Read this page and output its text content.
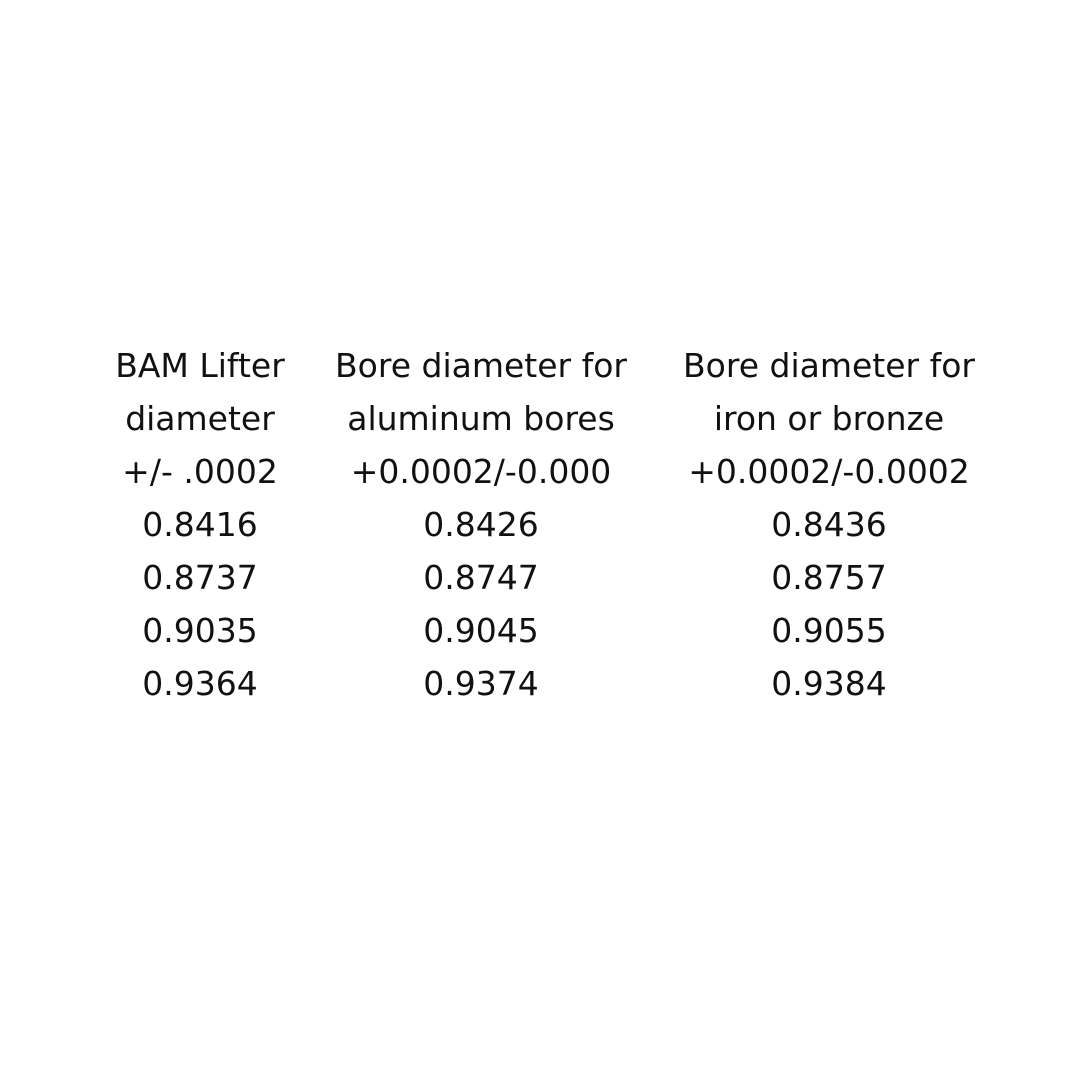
BAM Lifter
diameter
+/- .0002
0.8416
0.8737
0.9035
0.9364
Bore diameter for
aluminum bores
+0.0002/-0.000
0.8426
0.8747
0.9045
0.9374
Bore diameter for
iron or bronze
+0.0002/-0.0002
0.8436
0.8757
0.9055
0.9384
